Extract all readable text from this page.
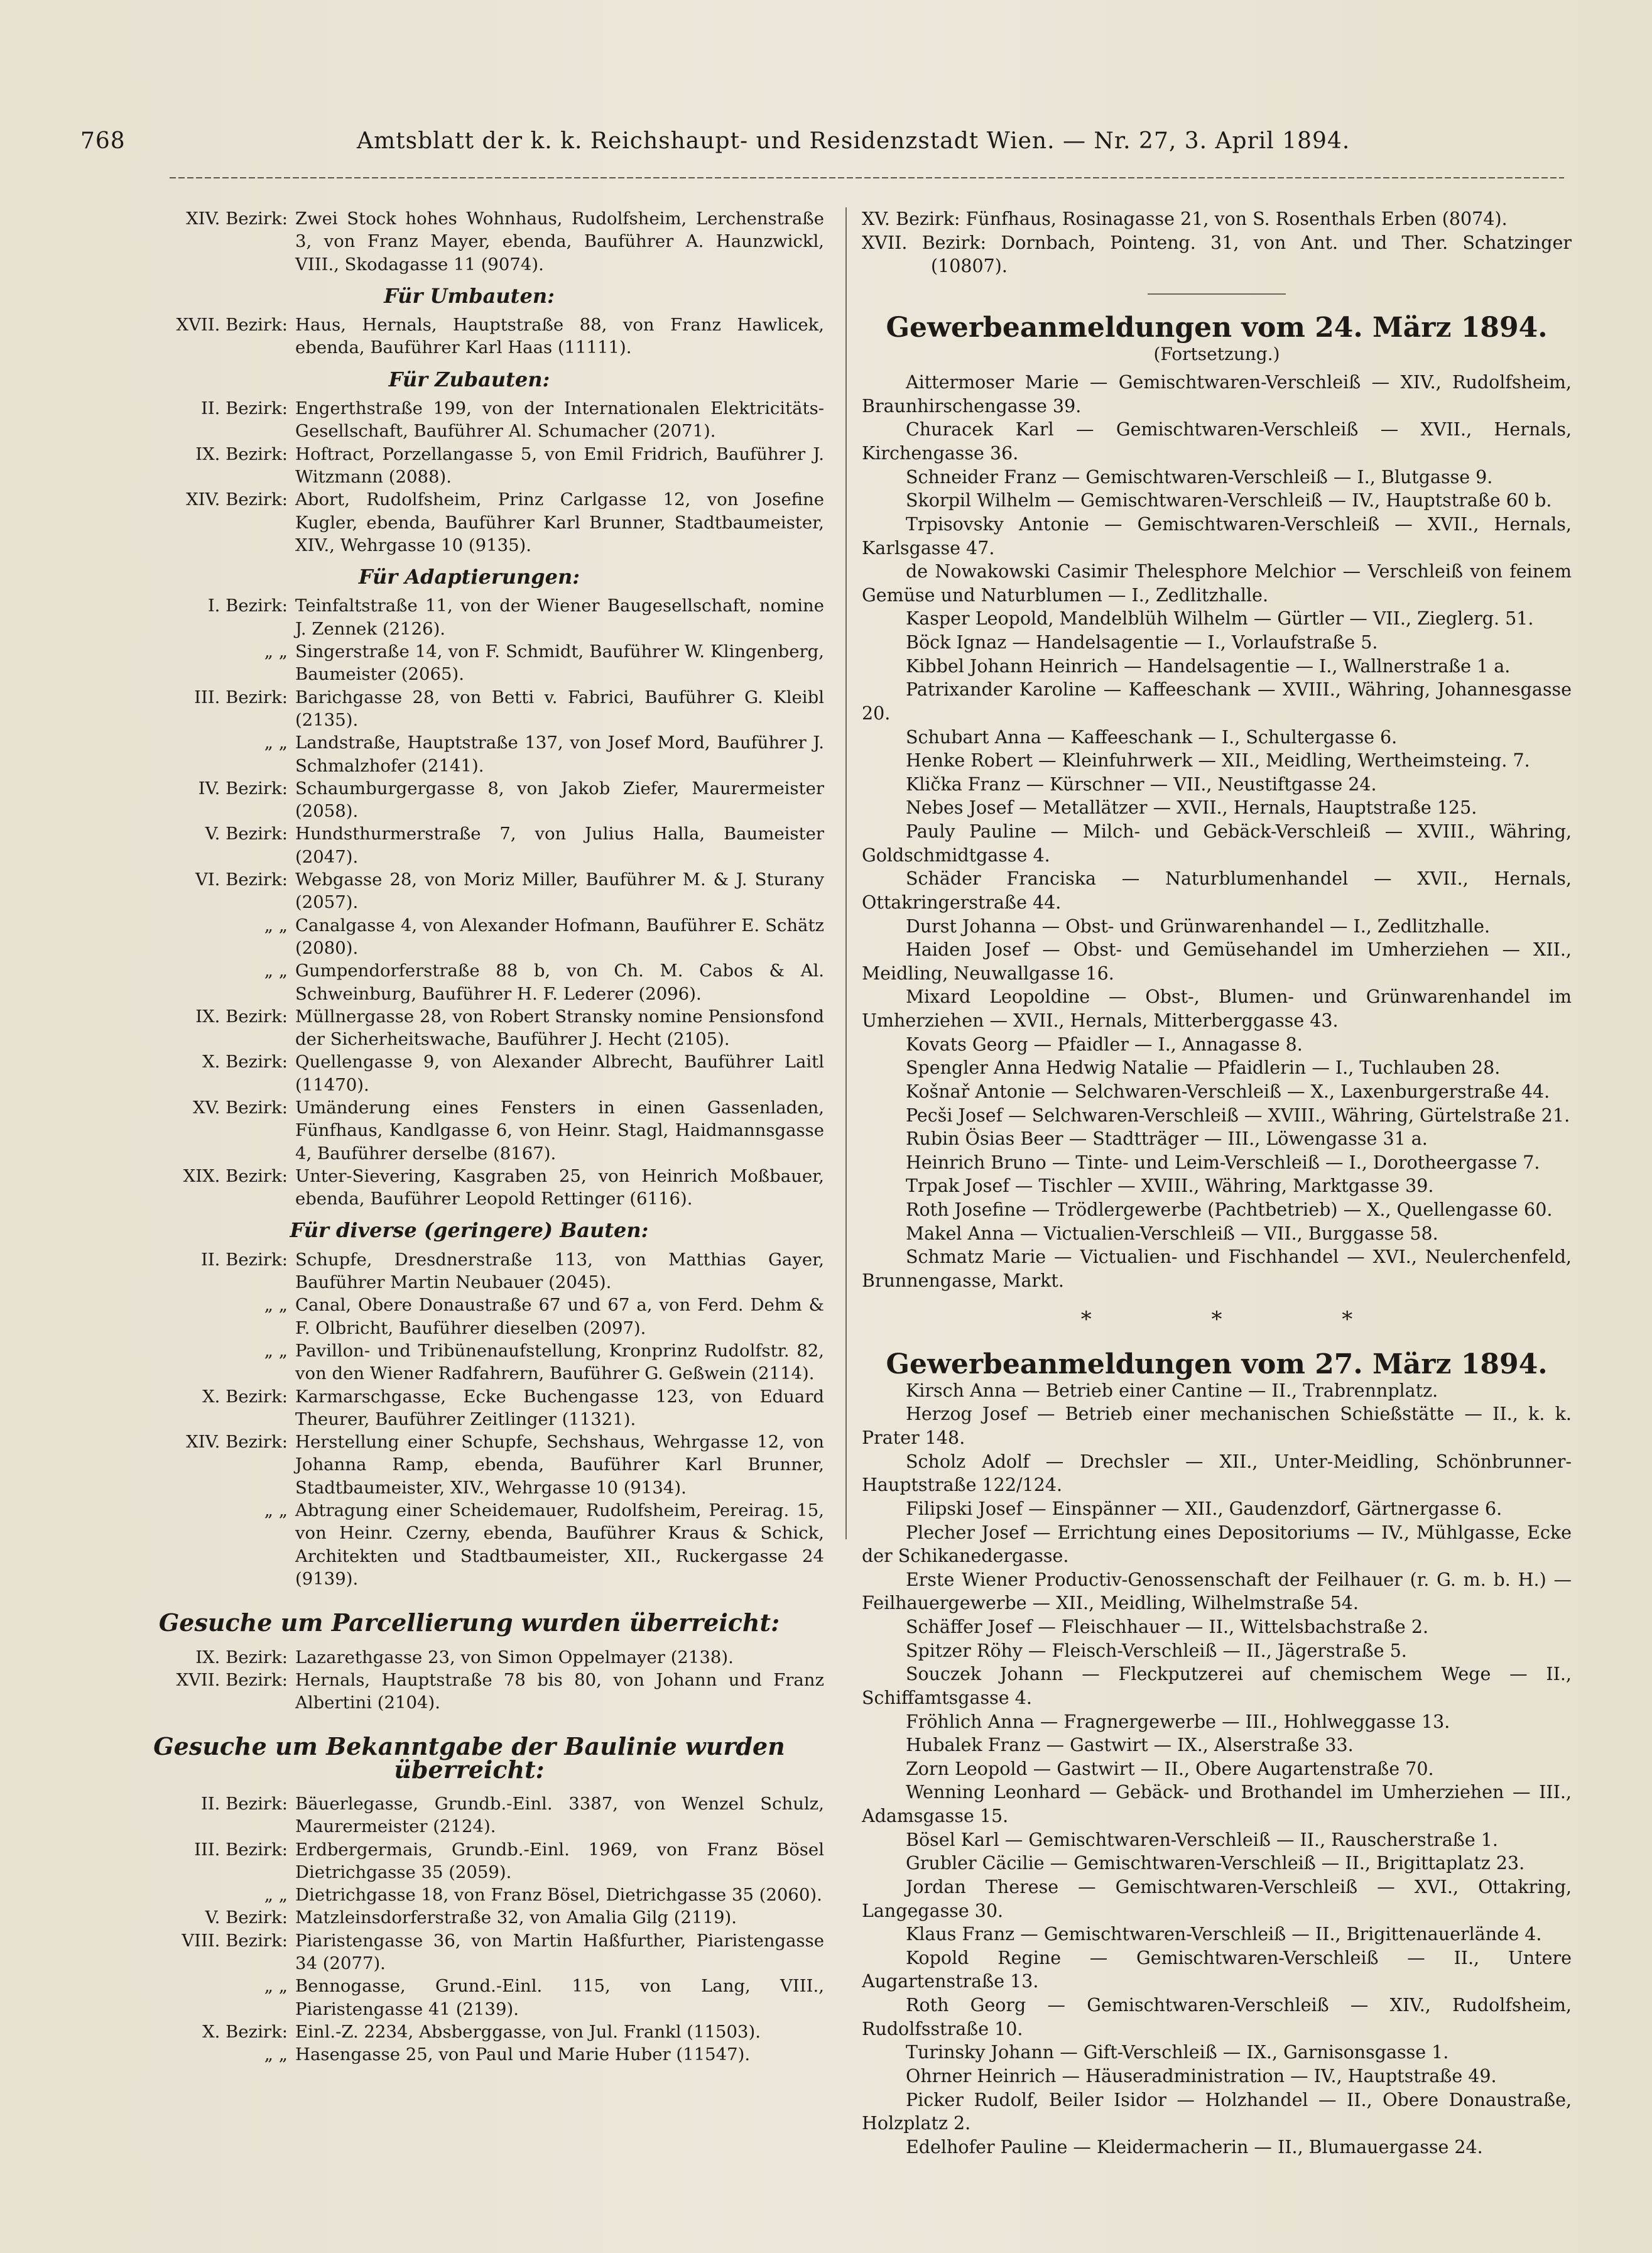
768	Amtsblatt der k. k. Reichshaupt- und Residenzstadt Wien. — Nr. 27, 3. April 1894.

XIV. Bezirk: Zwei Stock hohes Wohnhaus, Rudolfsheim, Lerchenstraße 3, von Franz Mayer, ebenda, Bauführer A. Haunzwickl, VIII., Skodagasse 11 (9074).

Für Umbauten:

XVII. Bezirk: Haus, Hernals, Hauptstraße 88, von Franz Hawlicek, ebenda, Bauführer Karl Haas (11111).

Für Zubauten:

II. Bezirk: Engerthstraße 199, von der Internationalen Elektricitäts-Gesellschaft, Bauführer Al. Schumacher (2071).

IX. Bezirk: Hoftract, Porzellangasse 5, von Emil Fridrich, Bauführer J. Witzmann (2088).

XIV. Bezirk: Abort, Rudolfsheim, Prinz Carlgasse 12, von Josefine Kugler, ebenda, Bauführer Karl Brunner, Stadtbaumeister, XIV., Wehrgasse 10 (9135).

Für Adaptierungen:

I. Bezirk: Teinfaltstraße 11, von der Wiener Baugesellschaft, nomine J. Zennek (2126).

„ „ Singerstraße 14, von F. Schmidt, Bauführer W. Klingenberg, Baumeister (2065).

III. Bezirk: Barichgasse 28, von Betti v. Fabrici, Bauführer G. Kleibl (2135).

„ „ Landstraße, Hauptstraße 137, von Josef Mord, Bauführer J. Schmalzhofer (2141).

IV. Bezirk: Schaumburgergasse 8, von Jakob Ziefer, Maurermeister (2058).

V. Bezirk: Hundsthurmerstraße 7, von Julius Halla, Baumeister (2047).

VI. Bezirk: Webgasse 28, von Moriz Miller, Bauführer M. & J. Sturany (2057).

„ „ Canalgasse 4, von Alexander Hofmann, Bauführer E. Schätz (2080).

„ „ Gumpendorferstraße 88 b, von Ch. M. Cabos & Al. Schweinburg, Bauführer H. F. Lederer (2096).

IX. Bezirk: Müllnergasse 28, von Robert Stransky nomine Pensionsfond der Sicherheitswache, Bauführer J. Hecht (2105).

X. Bezirk: Quellengasse 9, von Alexander Albrecht, Bauführer Laitl (11470).

XV. Bezirk: Umänderung eines Fensters in einen Gassenladen, Fünfhaus, Kandlgasse 6, von Heinr. Stagl, Haidmannsgasse 4, Bauführer derselbe (8167).

XIX. Bezirk: Unter-Sievering, Kasgraben 25, von Heinrich Moßbauer, ebenda, Bauführer Leopold Rettinger (6116).

Für diverse (geringere) Bauten:

II. Bezirk: Schupfe, Dresdnerstraße 113, von Matthias Gayer, Bauführer Martin Neubauer (2045).

„ „ Canal, Obere Donaustraße 67 und 67 a, von Ferd. Dehm & F. Olbricht, Bauführer dieselben (2097).

„ „ Pavillon- und Tribünenaufstellung, Kronprinz Rudolfstr. 82, von den Wiener Radfahrern, Bauführer G. Geßwein (2114).

X. Bezirk: Karmarschgasse, Ecke Buchengasse 123, von Eduard Theurer, Bauführer Zeitlinger (11321).

XIV. Bezirk: Herstellung einer Schupfe, Sechshaus, Wehrgasse 12, von Johanna Ramp, ebenda, Bauführer Karl Brunner, Stadtbaumeister, XIV., Wehrgasse 10 (9134).

„ „ Abtragung einer Scheidemauer, Rudolfsheim, Pereirag. 15, von Heinr. Czerny, ebenda, Bauführer Kraus & Schick, Architekten und Stadtbaumeister, XII., Ruckergasse 24 (9139).

Gesuche um Parcellierung wurden überreicht:

IX. Bezirk: Lazarethgasse 23, von Simon Oppelmayer (2138).

XVII. Bezirk: Hernals, Hauptstraße 78 bis 80, von Johann und Franz Albertini (2104).

Gesuche um Bekanntgabe der Baulinie wurden überreicht:

II. Bezirk: Bäuerlegasse, Grundb.-Einl. 3387, von Wenzel Schulz, Maurermeister (2124).

III. Bezirk: Erdbergermais, Grundb.-Einl. 1969, von Franz Bösel Dietrichgasse 35 (2059).

„ „ Dietrichgasse 18, von Franz Bösel, Dietrichgasse 35 (2060).

V. Bezirk: Matzleinsdorferstraße 32, von Amalia Gilg (2119).

VIII. Bezirk: Piaristengasse 36, von Martin Haßfurther, Piaristengasse 34 (2077).

„ „ Bennogasse, Grund.-Einl. 115, von Lang, VIII., Piaristengasse 41 (2139).

X. Bezirk: Einl.-Z. 2234, Absberggasse, von Jul. Frankl (11503).

„ „ Hasengasse 25, von Paul und Marie Huber (11547).

XV. Bezirk: Fünfhaus, Rosinagasse 21, von S. Rosenthals Erben (8074).

XVII. Bezirk: Dornbach, Pointeng. 31, von Ant. und Ther. Schatzinger (10807).

Gewerbeanmeldungen vom 24. März 1894.
(Fortsetzung.)

Aittermoser Marie — Gemischtwaren-Verschleiß — XIV., Rudolfsheim, Braunhirschengasse 39.

Churacek Karl — Gemischtwaren-Verschleiß — XVII., Hernals, Kirchengasse 36.

Schneider Franz — Gemischtwaren-Verschleiß — I., Blutgasse 9.

Skorpil Wilhelm — Gemischtwaren-Verschleiß — IV., Hauptstraße 60 b.

Trpisovsky Antonie — Gemischtwaren-Verschleiß — XVII., Hernals, Karlsgasse 47.

de Nowakowski Casimir Thelesphore Melchior — Verschleiß von feinem Gemüse und Naturblumen — I., Zedlitzhalle.

Kasper Leopold, Mandelblüh Wilhelm — Gürtler — VII., Zieglerg. 51.

Böck Ignaz — Handelsagentie — I., Vorlaufstraße 5.

Kibbel Johann Heinrich — Handelsagentie — I., Wallnerstraße 1 a.

Patrixander Karoline — Kaffeeschank — XVIII., Währing, Johannesgasse 20.

Schubart Anna — Kaffeeschank — I., Schultergasse 6.

Henke Robert — Kleinfuhrwerk — XII., Meidling, Wertheimsteing. 7.

Klička Franz — Kürschner — VII., Neustiftgasse 24.

Nebes Josef — Metallätzer — XVII., Hernals, Hauptstraße 125.

Pauly Pauline — Milch- und Gebäck-Verschleiß — XVIII., Währing, Goldschmidtgasse 4.

Schäder Franciska — Naturblumenhandel — XVII., Hernals, Ottakringerstraße 44.

Durst Johanna — Obst- und Grünwarenhandel — I., Zedlitzhalle.

Haiden Josef — Obst- und Gemüsehandel im Umherziehen — XII., Meidling, Neuwallgasse 16.

Mixard Leopoldine — Obst-, Blumen- und Grünwarenhandel im Umherziehen — XVII., Hernals, Mitterberggasse 43.

Kovats Georg — Pfaidler — I., Annagasse 8.

Spengler Anna Hedwig Natalie — Pfaidlerin — I., Tuchlauben 28.

Košnař Antonie — Selchwaren-Verschleiß — X., Laxenburgerstraße 44.

Pecši Josef — Selchwaren-Verschleiß — XVIII., Währing, Gürtelstraße 21.

Rubin Ösias Beer — Stadtträger — III., Löwengasse 31 a.

Heinrich Bruno — Tinte- und Leim-Verschleiß — I., Dorotheergasse 7.

Trpak Josef — Tischler — XVIII., Währing, Marktgasse 39.

Roth Josefine — Trödlergewerbe (Pachtbetrieb) — X., Quellengasse 60.

Makel Anna — Victualien-Verschleiß — VII., Burggasse 58.

Schmatz Marie — Victualien- und Fischhandel — XVI., Neulerchenfeld, Brunnengasse, Markt.

* * *
Gewerbeanmeldungen vom 27. März 1894.

Kirsch Anna — Betrieb einer Cantine — II., Trabrennplatz.

Herzog Josef — Betrieb einer mechanischen Schießstätte — II., k. k. Prater 148.

Scholz Adolf — Drechsler — XII., Unter-Meidling, Schönbrunner-Hauptstraße 122/124.

Filipski Josef — Einspänner — XII., Gaudenzdorf, Gärtnergasse 6.

Plecher Josef — Errichtung eines Depositoriums — IV., Mühlgasse, Ecke der Schikanedergasse.

Erste Wiener Productiv-Genossenschaft der Feilhauer (r. G. m. b. H.) — Feilhauergewerbe — XII., Meidling, Wilhelmstraße 54.

Schäffer Josef — Fleischhauer — II., Wittelsbachstraße 2.

Spitzer Röhy — Fleisch-Verschleiß — II., Jägerstraße 5.

Souczek Johann — Fleckputzerei auf chemischem Wege — II., Schiffamtsgasse 4.

Fröhlich Anna — Fragnergewerbe — III., Hohlweggasse 13.

Hubalek Franz — Gastwirt — IX., Alserstraße 33.

Zorn Leopold — Gastwirt — II., Obere Augartenstraße 70.

Wenning Leonhard — Gebäck- und Brothandel im Umherziehen — III., Adamsgasse 15.

Bösel Karl — Gemischtwaren-Verschleiß — II., Rauscherstraße 1.

Grubler Cäcilie — Gemischtwaren-Verschleiß — II., Brigittaplatz 23.

Jordan Therese — Gemischtwaren-Verschleiß — XVI., Ottakring, Langegasse 30.

Klaus Franz — Gemischtwaren-Verschleiß — II., Brigittenauerlände 4.

Kopold Regine — Gemischtwaren-Verschleiß — II., Untere Augartenstraße 13.

Roth Georg — Gemischtwaren-Verschleiß — XIV., Rudolfsheim, Rudolfsstraße 10.

Turinsky Johann — Gift-Verschleiß — IX., Garnisonsgasse 1.

Ohrner Heinrich — Häuseradministration — IV., Hauptstraße 49.

Picker Rudolf, Beiler Isidor — Holzhandel — II., Obere Donaustraße, Holzplatz 2.

Edelhofer Pauline — Kleidermacherin — II., Blumauergasse 24.
